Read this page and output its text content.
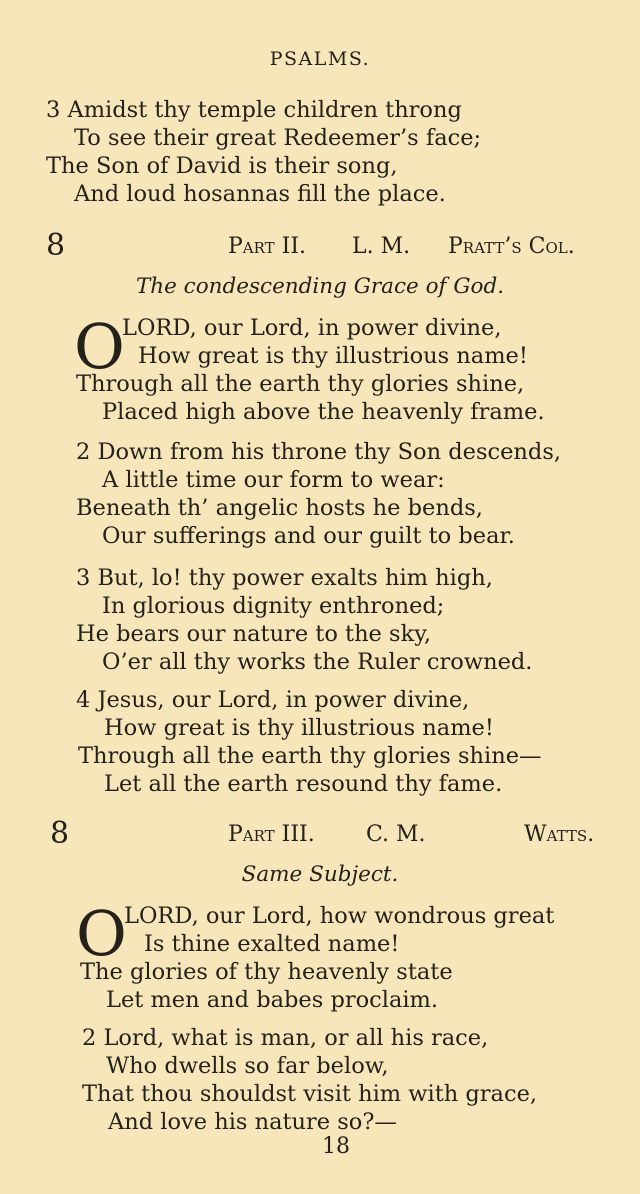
PSALMS.
3 Amidst thy temple children throng
To see their great Redeemer’s face;
The Son of David is their song,
And loud hosannas fill the place.
8	Part II. L. M. Pratt’s Col.
The condescending Grace of God.
O
LORD, our Lord, in power divine,
How great is thy illustrious name!
Through all the earth thy glories shine,
Placed high above the heavenly frame.
2 Down from his throne thy Son descends,
A little time our form to wear:
Beneath th’ angelic hosts he bends,
Our sufferings and our guilt to bear.
3 But, lo! thy power exalts him high,
In glorious dignity enthroned;
He bears our nature to the sky,
O’er all thy works the Ruler crowned.
4 Jesus, our Lord, in power divine,
How great is thy illustrious name!
Through all the earth thy glories shine—
Let all the earth resound thy fame.
8	Part III. C. M.	Watts.
Same Subject.
O
LORD, our Lord, how wondrous great
Is thine exalted name!
The glories of thy heavenly state
Let men and babes proclaim.
2 Lord, what is man, or all his race,
Who dwells so far below,
That thou shouldst visit him with grace,
And love his nature so?—
18
